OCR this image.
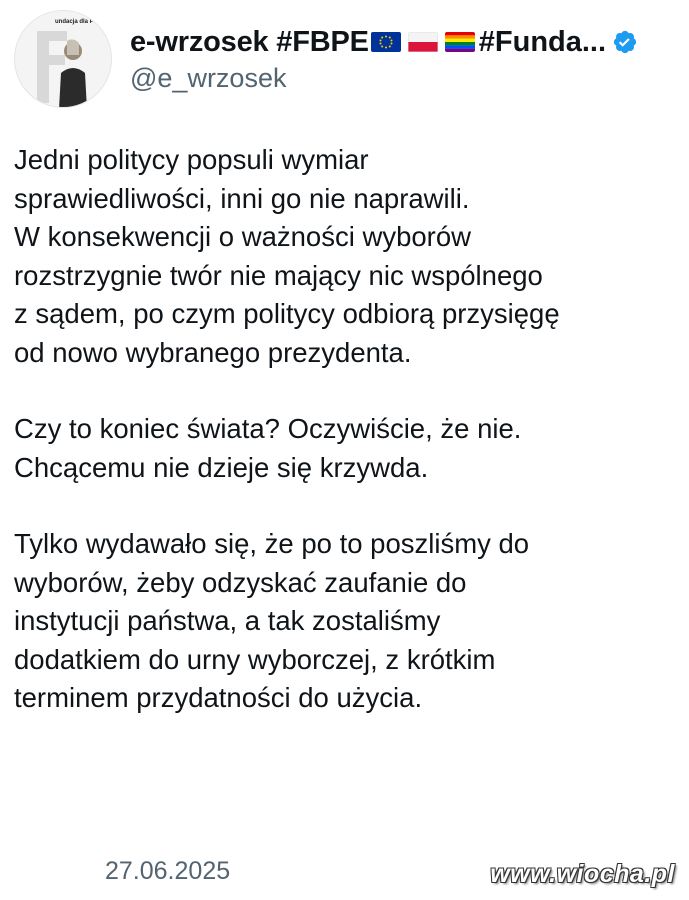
undacja dla Polski
e-wrzosek #FBPE	#Funda...
@e_wrzosek

Jedni politycy popsuli wymiar
sprawiedliwości, inni go nie naprawili.
W konsekwencji o ważności wyborów
rozstrzygnie twór nie mający nic wspólnego
z sądem, po czym politycy odbiorą przysięgę
od nowo wybranego prezydenta.

Czy to koniec świata? Oczywiście, że nie.
Chcącemu nie dzieje się krzywda.

Tylko wydawało się, że po to poszliśmy do
wyborów, żeby odzyskać zaufanie do
instytucji państwa, a tak zostaliśmy
dodatkiem do urny wyborczej, z krótkim
terminem przydatności do użycia.

27.06.2025	www.wiocha.pl
